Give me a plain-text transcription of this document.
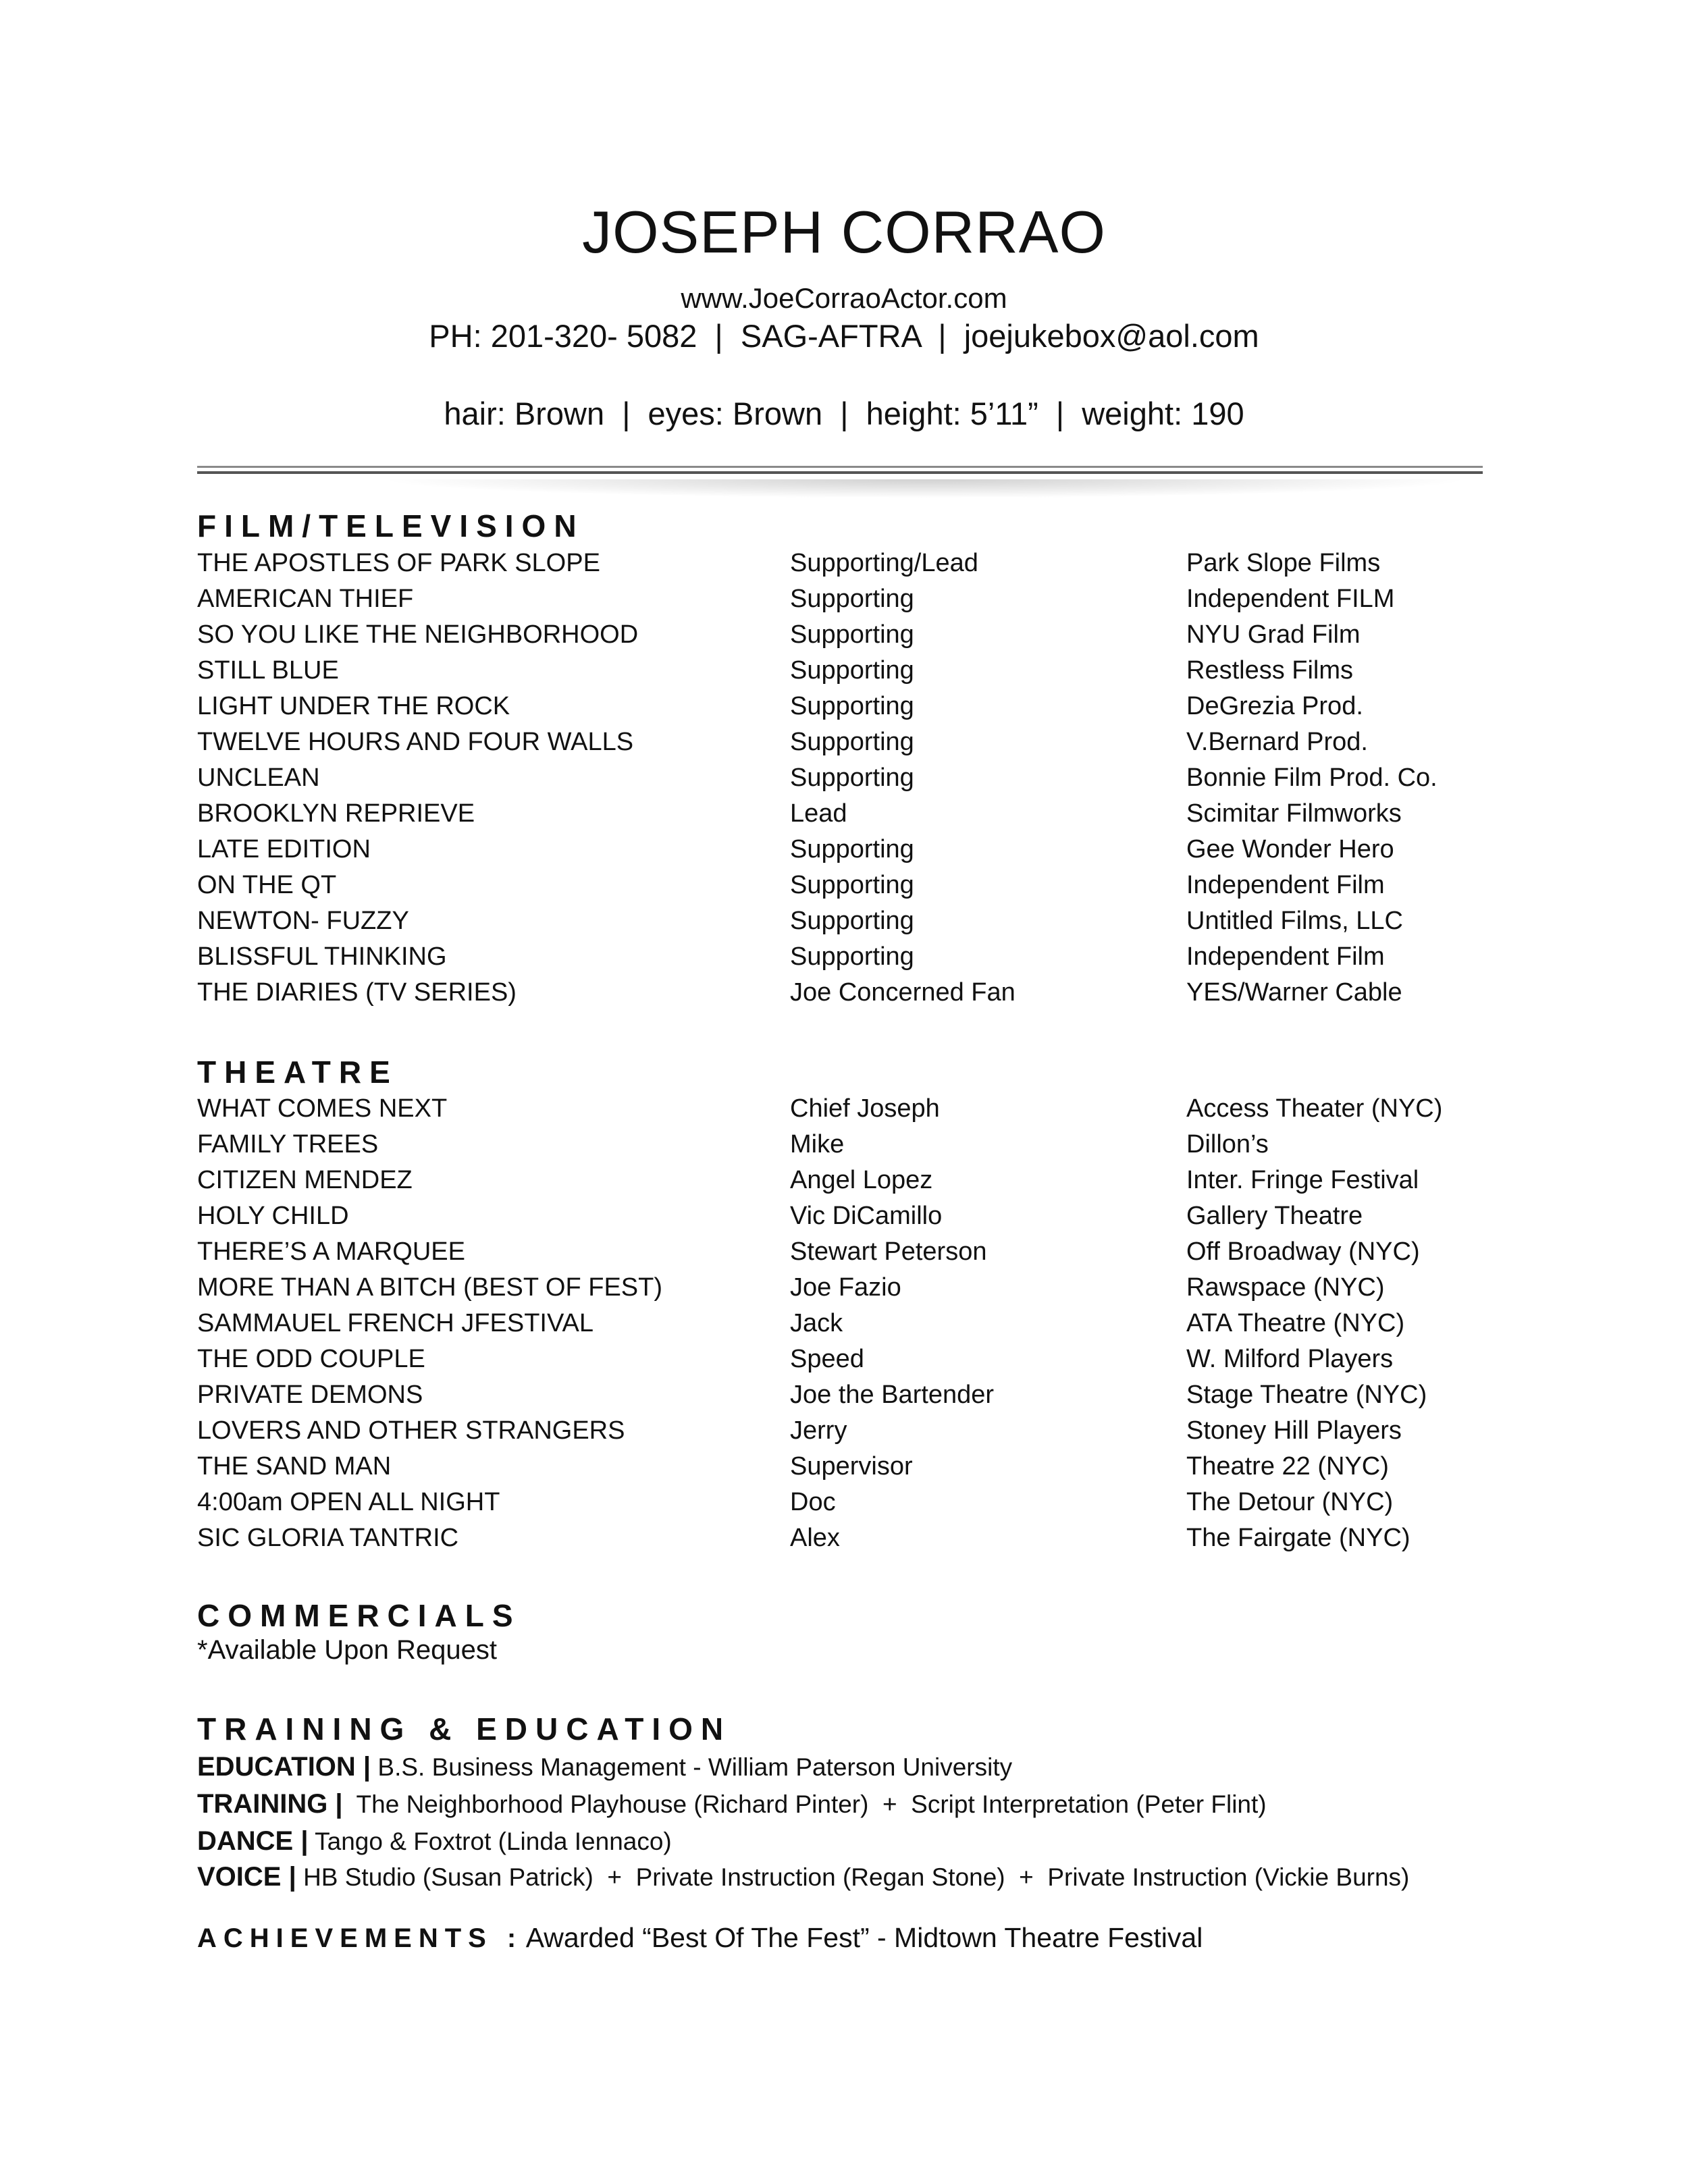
JOSEPH CORRAO
www.JoeCorraoActor.com
PH: 201-320- 5082  |  SAG-AFTRA  |  joejukebox@aol.com
hair: Brown  |  eyes: Brown  |  height: 5’11”  |  weight: 190
FILM/TELEVISION
THE APOSTLES OF PARK SLOPE	Supporting/Lead	Park Slope Films
AMERICAN THIEF	Supporting	Independent FILM
SO YOU LIKE THE NEIGHBORHOOD	Supporting	NYU Grad Film
STILL BLUE	Supporting	Restless Films
LIGHT UNDER THE ROCK	Supporting	DeGrezia Prod.
TWELVE HOURS AND FOUR WALLS	Supporting	V.Bernard Prod.
UNCLEAN	Supporting	Bonnie Film Prod. Co.
BROOKLYN REPRIEVE	Lead	Scimitar Filmworks
LATE EDITION	Supporting	Gee Wonder Hero
ON THE QT	Supporting	Independent Film
NEWTON- FUZZY	Supporting	Untitled Films, LLC
BLISSFUL THINKING	Supporting	Independent Film
THE DIARIES (TV SERIES)	Joe Concerned Fan	YES/Warner Cable
THEATRE
WHAT COMES NEXT	Chief Joseph	Access Theater (NYC)
FAMILY TREES	Mike	Dillon’s
CITIZEN MENDEZ	Angel Lopez	Inter. Fringe Festival
HOLY CHILD	Vic DiCamillo	Gallery Theatre
THERE’S A MARQUEE	Stewart Peterson	Off Broadway (NYC)
MORE THAN A BITCH (BEST OF FEST)	Joe Fazio	Rawspace (NYC)
SAMMAUEL FRENCH JFESTIVAL	Jack	ATA Theatre (NYC)
THE ODD COUPLE	Speed	W. Milford Players
PRIVATE DEMONS	Joe the Bartender	Stage Theatre (NYC)
LOVERS AND OTHER STRANGERS	Jerry	Stoney Hill Players
THE SAND MAN	Supervisor	Theatre 22 (NYC)
4:00am OPEN ALL NIGHT	Doc	The Detour (NYC)
SIC GLORIA TANTRIC	Alex	The Fairgate (NYC)
COMMERCIALS
*Available Upon Request
TRAINING & EDUCATION
EDUCATION | B.S. Business Management - William Paterson University
TRAINING | The Neighborhood Playhouse (Richard Pinter)  +  Script Interpretation (Peter Flint)
DANCE | Tango & Foxtrot (Linda Iennaco)
VOICE | HB Studio (Susan Patrick)  +  Private Instruction (Regan Stone)  +  Private Instruction (Vickie Burns)
ACHIEVEMENTS : Awarded “Best Of The Fest” - Midtown Theatre Festival
